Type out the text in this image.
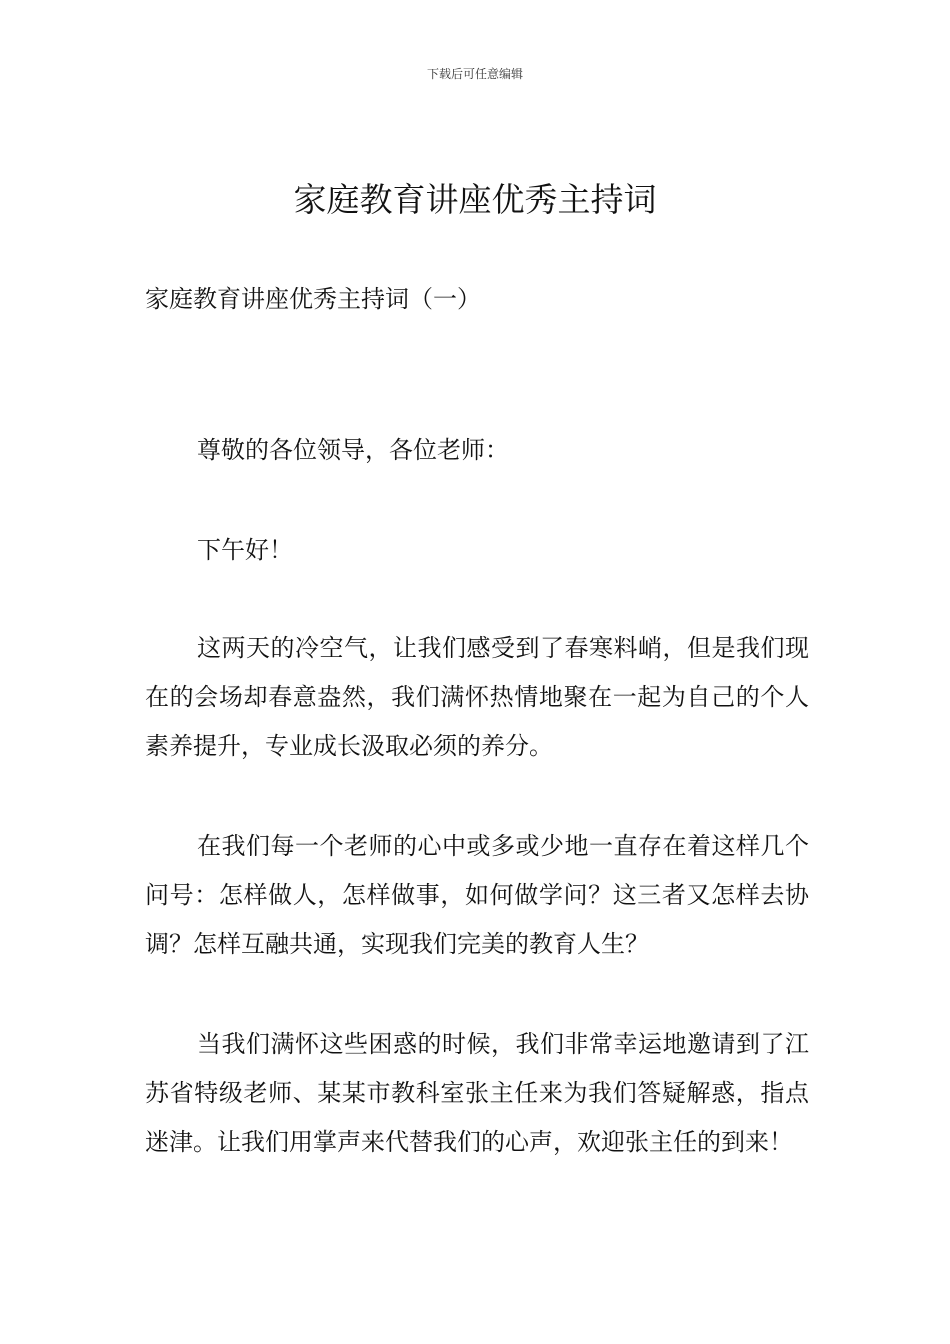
下载后可任意编辑
家庭教育讲座优秀主持词
家庭教育讲座优秀主持词（一）

尊敬的各位领导，各位老师：

下午好！

这两天的冷空气，让我们感受到了春寒料峭，但是我们现在的会场却春意盎然，我们满怀热情地聚在一起为自己的个人素养提升，专业成长汲取必须的养分。

在我们每一个老师的心中或多或少地一直存在着这样几个问号：怎样做人，怎样做事，如何做学问？这三者又怎样去协调？怎样互融共通，实现我们完美的教育人生？

当我们满怀这些困惑的时候，我们非常幸运地邀请到了江苏省特级老师、某某市教科室张主任来为我们答疑解惑，指点迷津。让我们用掌声来代替我们的心声，欢迎张主任的到来！
